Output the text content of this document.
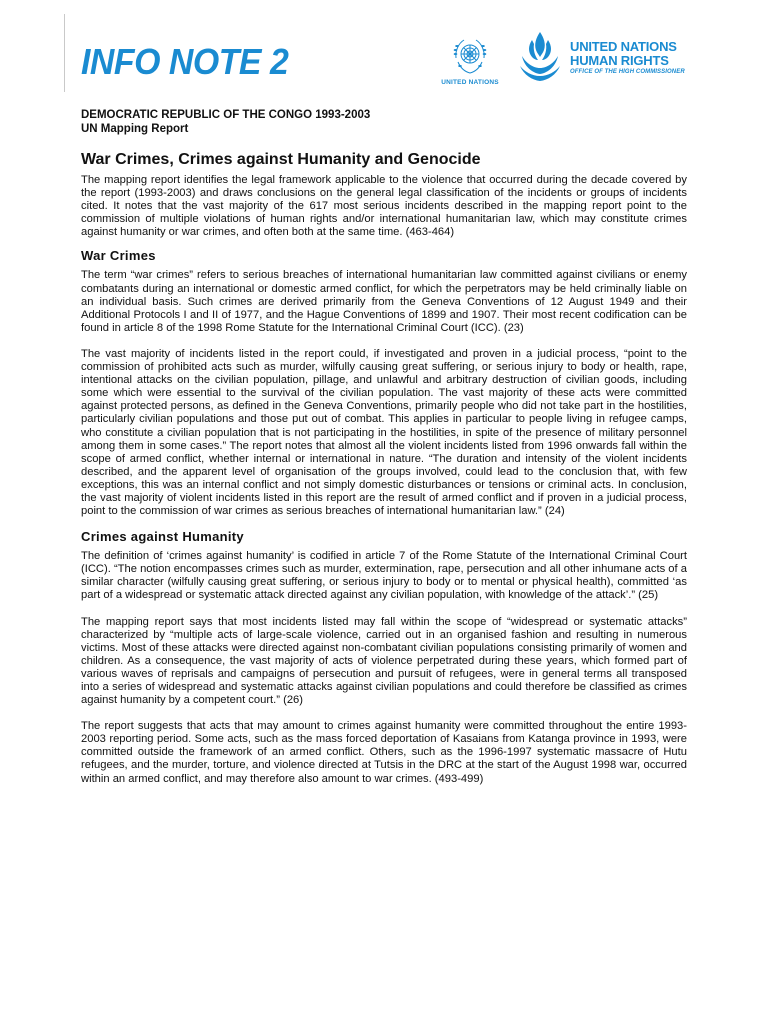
INFO NOTE 2
UNITED NATIONS
UNITED NATIONS
HUMAN RIGHTS
OFFICE OF THE HIGH COMMISSIONER
DEMOCRATIC REPUBLIC OF THE CONGO 1993-2003
UN Mapping Report
War Crimes, Crimes against Humanity and Genocide

The mapping report identifies the legal framework applicable to the violence that occurred during the decade covered by the report (1993-2003) and draws conclusions on the general legal classification of the incidents or groups of incidents cited. It notes that the vast majority of the 617 most serious incidents described in the mapping report point to the commission of multiple violations of human rights and/or international humanitarian law, which may constitute crimes against humanity or war crimes, and often both at the same time. (463-464)

War Crimes

The term “war crimes” refers to serious breaches of international humanitarian law committed against civilians or enemy combatants during an international or domestic armed conflict, for which the perpetrators may be held criminally liable on an individual basis. Such crimes are derived primarily from the Geneva Conventions of 12 August 1949 and their Additional Protocols I and II of 1977, and the Hague Conventions of 1899 and 1907. Their most recent codification can be found in article 8 of the 1998 Rome Statute for the International Criminal Court (ICC). (23)

The vast majority of incidents listed in the report could, if investigated and proven in a judicial process, “point to the commission of prohibited acts such as murder, wilfully causing great suffering, or serious injury to body or health, rape, intentional attacks on the civilian population, pillage, and unlawful and arbitrary destruction of civilian goods, including some which were essential to the survival of the civilian population. The vast majority of these acts were committed against protected persons, as defined in the Geneva Conventions, primarily people who did not take part in the hostilities, particularly civilian populations and those put out of combat. This applies in particular to people living in refugee camps, who constitute a civilian population that is not participating in the hostilities, in spite of the presence of military personnel among them in some cases.” The report notes that almost all the violent incidents listed from 1996 onwards fall within the scope of armed conflict, whether internal or international in nature. “The duration and intensity of the violent incidents described, and the apparent level of organisation of the groups involved, could lead to the conclusion that, with few exceptions, this was an internal conflict and not simply domestic disturbances or tensions or criminal acts. In conclusion, the vast majority of violent incidents listed in this report are the result of armed conflict and if proven in a judicial process, point to the commission of war crimes as serious breaches of international humanitarian law.” (24)

Crimes against Humanity

The definition of ‘crimes against humanity’ is codified in article 7 of the Rome Statute of the International Criminal Court (ICC). “The notion encompasses crimes such as murder, extermination, rape, persecution and all other inhumane acts of a similar character (wilfully causing great suffering, or serious injury to body or to mental or physical health), committed ‘as part of a widespread or systematic attack directed against any civilian population, with knowledge of the attack’.” (25)

The mapping report says that most incidents listed may fall within the scope of “widespread or systematic attacks” characterized by “multiple acts of large-scale violence, carried out in an organised fashion and resulting in numerous victims. Most of these attacks were directed against non-combatant civilian populations consisting primarily of women and children. As a consequence, the vast majority of acts of violence perpetrated during these years, which formed part of various waves of reprisals and campaigns of persecution and pursuit of refugees, were in general terms all transposed into a series of widespread and systematic attacks against civilian populations and could therefore be classified as crimes against humanity by a competent court.” (26)

The report suggests that acts that may amount to crimes against humanity were committed throughout the entire 1993-2003 reporting period. Some acts, such as the mass forced deportation of Kasaians from Katanga province in 1993, were committed outside the framework of an armed conflict. Others, such as the 1996-1997 systematic massacre of Hutu refugees, and the murder, torture, and violence directed at Tutsis in the DRC at the start of the August 1998 war, occurred within an armed conflict, and may therefore also amount to war crimes. (493-499)
